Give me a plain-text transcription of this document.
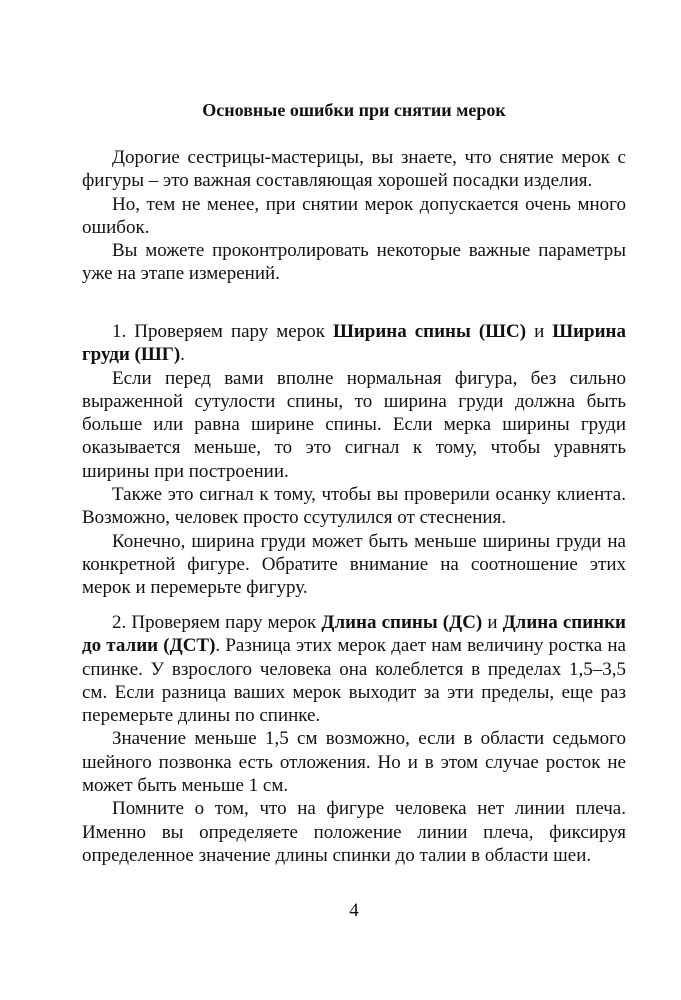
Основные ошибки при снятии мерок

Дорогие сестрицы-мастерицы, вы знаете, что снятие мерок с фигуры – это важная составляющая хорошей посадки изделия.

Но, тем не менее, при снятии мерок допускается очень много ошибок.

Вы можете проконтролировать некоторые важные параметры уже на этапе измерений.

1. Проверяем пару мерок Ширина спины (ШС) и Ширина груди (ШГ).

Если перед вами вполне нормальная фигура, без сильно выраженной сутулости спины, то ширина груди должна быть больше или равна ширине спины. Если мерка ширины груди оказывается меньше, то это сигнал к тому, чтобы уравнять ширины при построении.

Также это сигнал к тому, чтобы вы проверили осанку клиента. Возможно, человек просто ссутулился от стеснения.

Конечно, ширина груди может быть меньше ширины груди на конкретной фигуре. Обратите внимание на соотношение этих мерок и перемерьте фигуру.

2. Проверяем пару мерок Длина спины (ДС) и Длина спинки до талии (ДСТ). Разница этих мерок дает нам величину ростка на спинке. У взрослого человека она колеблется в пределах 1,5–3,5 см. Если разница ваших мерок выходит за эти пределы, еще раз перемерьте длины по спинке.

Значение меньше 1,5 см возможно, если в области седьмого шейного позвонка есть отложения. Но и в этом случае росток не может быть меньше 1 см.

Помните о том, что на фигуре человека нет линии плеча. Именно вы определяете положение линии плеча, фиксируя определенное значение длины спинки до талии в области шеи.

4
